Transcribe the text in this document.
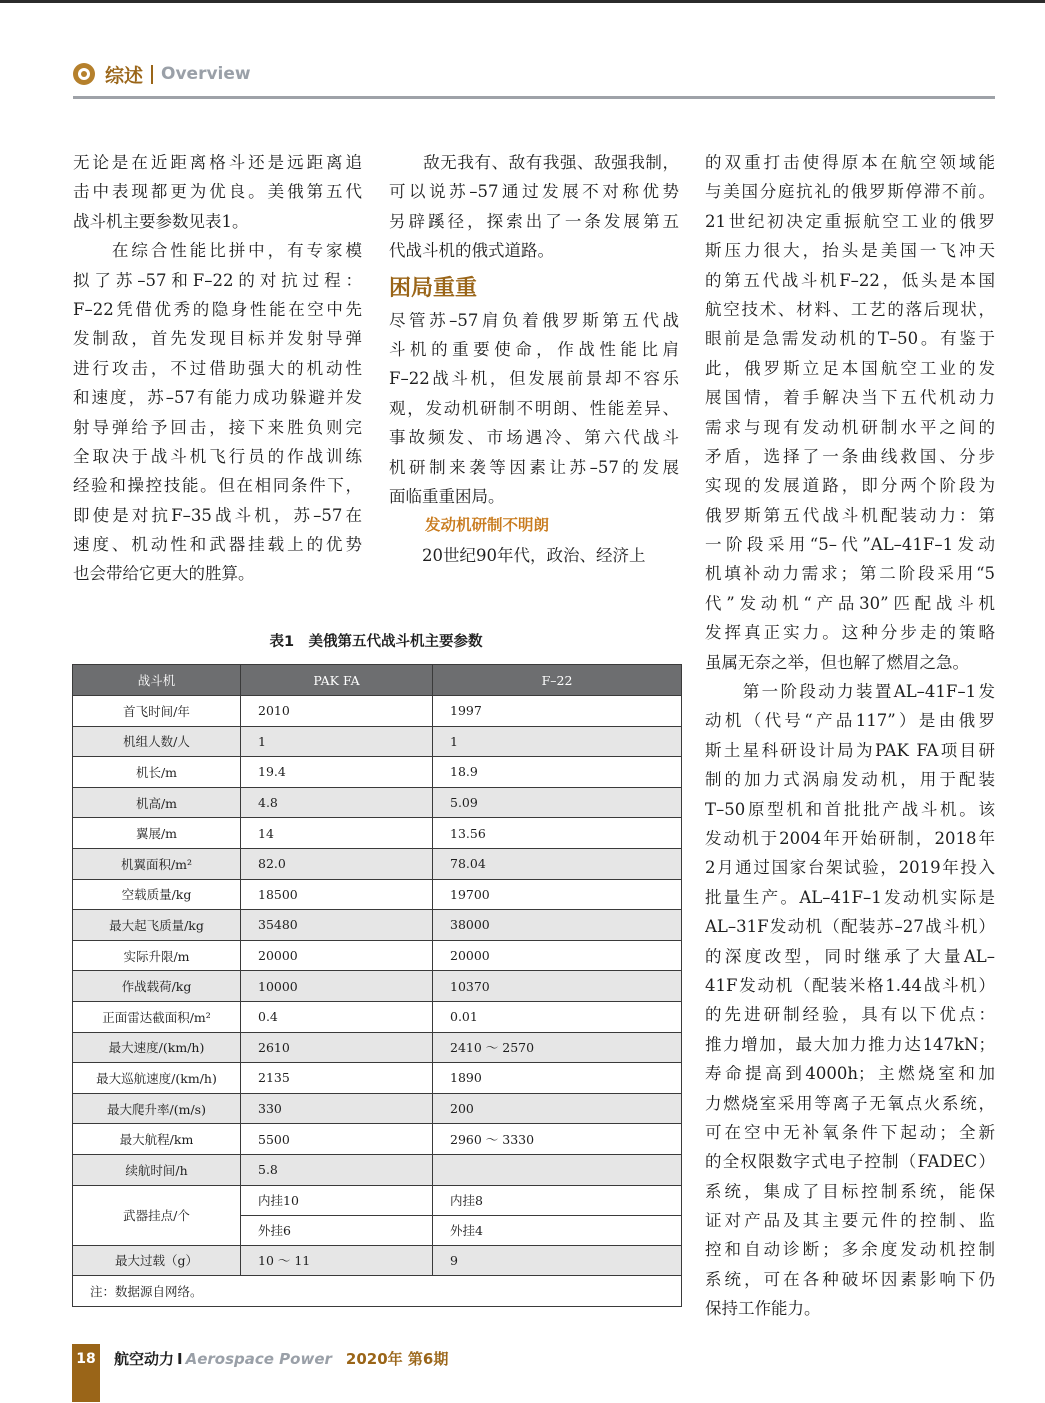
综述 Overview
无论是在近距离格斗还是远距离追
击中表现都更为优良。美俄第五代
战斗机主要参数见表1。
　　在综合性能比拼中，有专家模
拟了苏–57和F–22的对抗过程：
F–22凭借优秀的隐身性能在空中先
发制敌，首先发现目标并发射导弹
进行攻击，不过借助强大的机动性
和速度，苏–57有能力成功躲避并发
射导弹给予回击，接下来胜负则完
全取决于战斗机飞行员的作战训练
经验和操控技能。但在相同条件下，
即使是对抗F–35战斗机，苏–57在
速度、机动性和武器挂载上的优势
也会带给它更大的胜算。
　　敌无我有、敌有我强、敌强我制，
可以说苏–57通过发展不对称优势
另辟蹊径，探索出了一条发展第五
代战斗机的俄式道路。
困局重重
尽管苏–57肩负着俄罗斯第五代战
斗机的重要使命，作战性能比肩
F–22战斗机，但发展前景却不容乐
观，发动机研制不明朗、性能差异、
事故频发、市场遇冷、第六代战斗
机研制来袭等因素让苏–57的发展
面临重重困局。
发动机研制不明朗
　　20世纪90年代，政治、经济上
的双重打击使得原本在航空领域能
与美国分庭抗礼的俄罗斯停滞不前。
21世纪初决定重振航空工业的俄罗
斯压力很大，抬头是美国一飞冲天
的第五代战斗机F–22，低头是本国
航空技术、材料、工艺的落后现状，
眼前是急需发动机的T–50。有鉴于
此，俄罗斯立足本国航空工业的发
展国情，着手解决当下五代机动力
需求与现有发动机研制水平之间的
矛盾，选择了一条曲线救国、分步
实现的发展道路，即分两个阶段为
俄罗斯第五代战斗机配装动力：第
一阶段采用“5–代”AL–41F–1发动
机填补动力需求；第二阶段采用“5
代”发动机“产品30”匹配战斗机
发挥真正实力。这种分步走的策略
虽属无奈之举，但也解了燃眉之急。
　　第一阶段动力装置AL–41F–1发
动机（代号“产品117”）是由俄罗
斯土星科研设计局为PAK FA项目研
制的加力式涡扇发动机，用于配装
T–50原型机和首批批产战斗机。该
发动机于2004年开始研制，2018年
2月通过国家台架试验，2019年投入
批量生产。AL–41F–1发动机实际是
AL–31F发动机（配装苏–27战斗机）
的深度改型，同时继承了大量AL–
41F发动机（配装米格1.44战斗机）
的先进研制经验，具有以下优点：
推力增加，最大加力推力达147kN；
寿命提高到4000h；主燃烧室和加
力燃烧室采用等离子无氧点火系统，
可在空中无补氧条件下起动；全新
的全权限数字式电子控制（FADEC）
系统，集成了目标控制系统，能保
证对产品及其主要元件的控制、监
控和自动诊断；多余度发动机控制
系统，可在各种破坏因素影响下仍
保持工作能力。
表1　美俄第五代战斗机主要参数
战斗机	PAK FA	F–22
首飞时间/年	2010	1997
机组人数/人	1	1
机长/m	19.4	18.9
机高/m	4.8	5.09
翼展/m	14	13.56
机翼面积/m²	82.0	78.04
空载质量/kg	18500	19700
最大起飞质量/kg	35480	38000
实际升限/m	20000	20000
作战载荷/kg	10000	10370
正面雷达截面积/m²	0.4	0.01
最大速度/(km/h)	2610	2410 ～ 2570
最大巡航速度/(km/h)	2135	1890
最大爬升率/(m/s)	330	200
最大航程/km	5500	2960 ～ 3330
续航时间/h	5.8	
武器挂点/个	内挂10	内挂8
	外挂6	外挂4
最大过载（g）	10 ～ 11	9
注：数据源自网络。		
18 航空动力 I Aerospace Power 2020年 第6期
